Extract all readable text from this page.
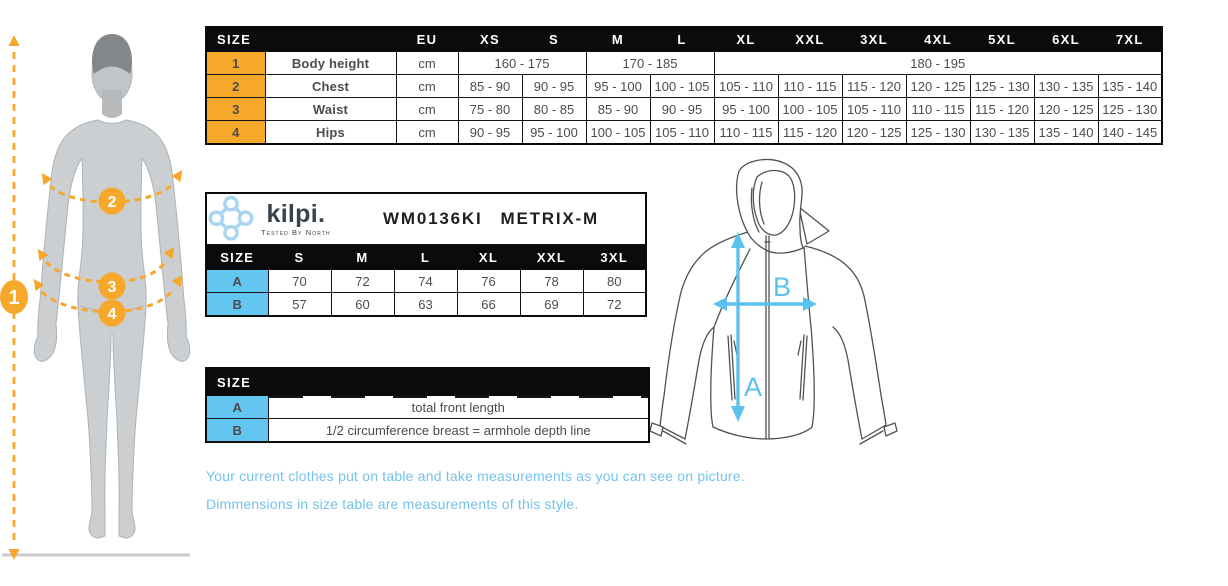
1
2
3
4
SIZE		EU	XS	S	M	L	XL	XXL	3XL	4XL	5XL	6XL	7XL
1	Body height	cm	160 - 175		170 - 185		180 - 195						
2	Chest	cm	85 - 90	90 - 95	95 - 100	100 - 105	105 - 110	110 - 115	115 - 120	120 - 125	125 - 130	130 - 135	135 - 140
3	Waist	cm	75 - 80	80 - 85	85 - 90	90 - 95	95 - 100	100 - 105	105 - 110	110 - 115	115 - 120	120 - 125	125 - 130
4	Hips	cm	90 - 95	95 - 100	100 - 105	105 - 110	110 - 115	115 - 120	120 - 125	125 - 130	130 - 135	135 - 140	140 - 145
kilpi.
Tested By North
WM0136KI METRIX-M						

SIZE	S	M	L	XL	XXL	3XL
A	70	72	74	76	78	80
B	57	60	63	66	69	72
SIZE	
A	total front length
B	1/2 circumference breast = armhole depth line
A
B
Your current clothes put on table and take measurements as you can see on picture.
Dimmensions in size table are measurements of this style.
